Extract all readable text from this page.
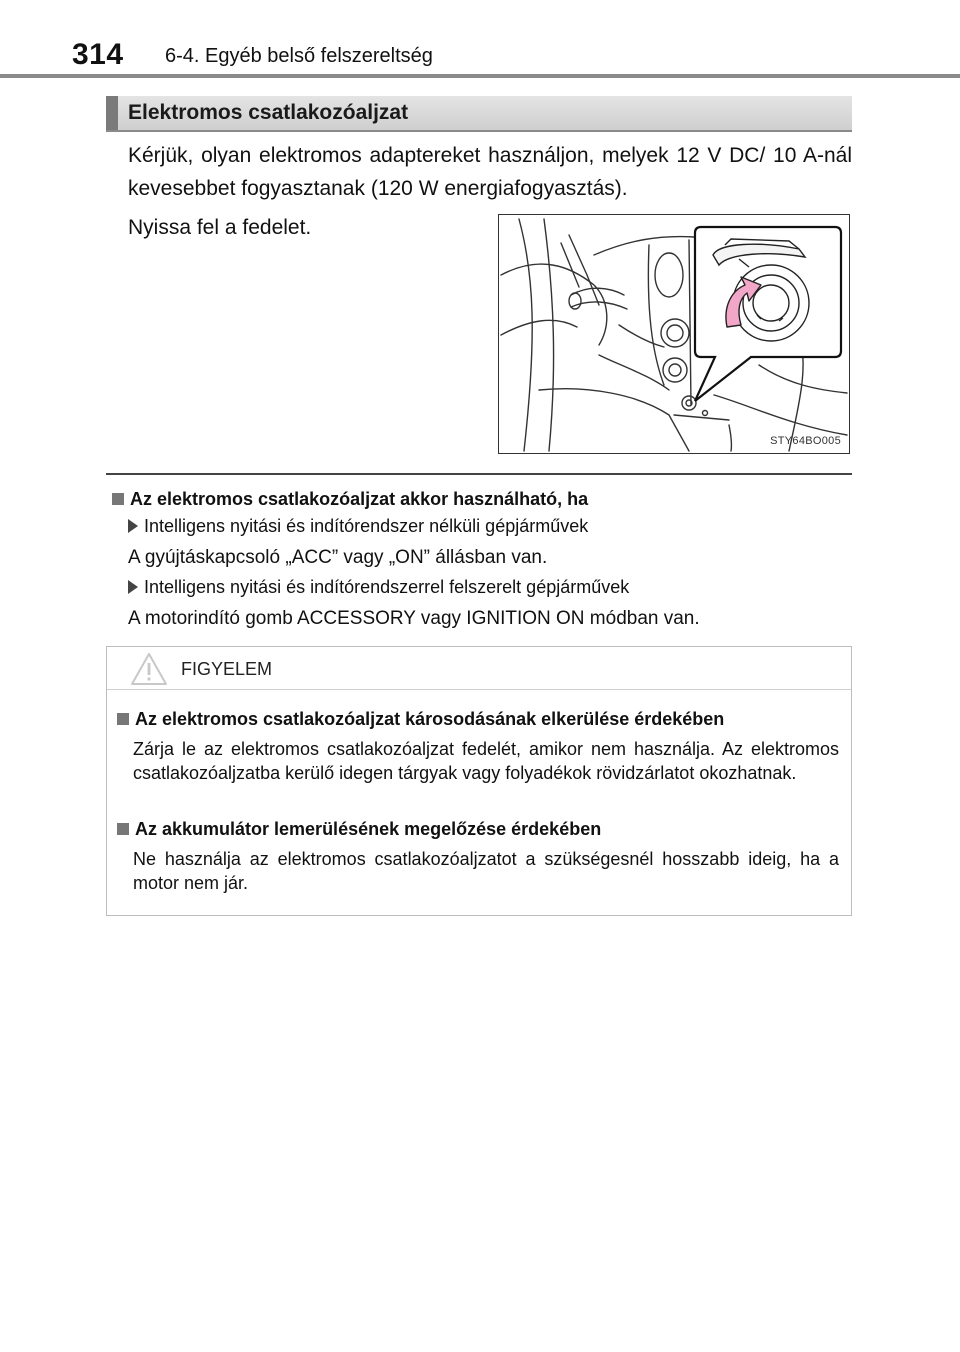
314 6-4. Egyéb belső felszereltség
Elektromos csatlakozóaljzat
Kérjük, olyan elektromos adaptereket használjon, melyek 12 V DC/ 10 A-nál kevesebbet fogyasztanak (120 W energiafogyasztás).
Nyissa fel a fedelet.
STY64BO005
Az elektromos csatlakozóaljzat akkor használható, ha
Intelligens nyitási és indítórendszer nélküli gépjárművek
A gyújtáskapcsoló „ACC” vagy „ON” állásban van.
Intelligens nyitási és indítórendszerrel felszerelt gépjárművek
A motorindító gomb ACCESSORY vagy IGNITION ON módban van.
FIGYELEM
Az elektromos csatlakozóaljzat károsodásának elkerülése érdekében
Zárja le az elektromos csatlakozóaljzat fedelét, amikor nem használja. Az elektromos csatlakozóaljzatba kerülő idegen tárgyak vagy folyadékok rövidzárlatot okozhatnak.
Az akkumulátor lemerülésének megelőzése érdekében
Ne használja az elektromos csatlakozóaljzatot a szükségesnél hosszabb ideig, ha a motor nem jár.
